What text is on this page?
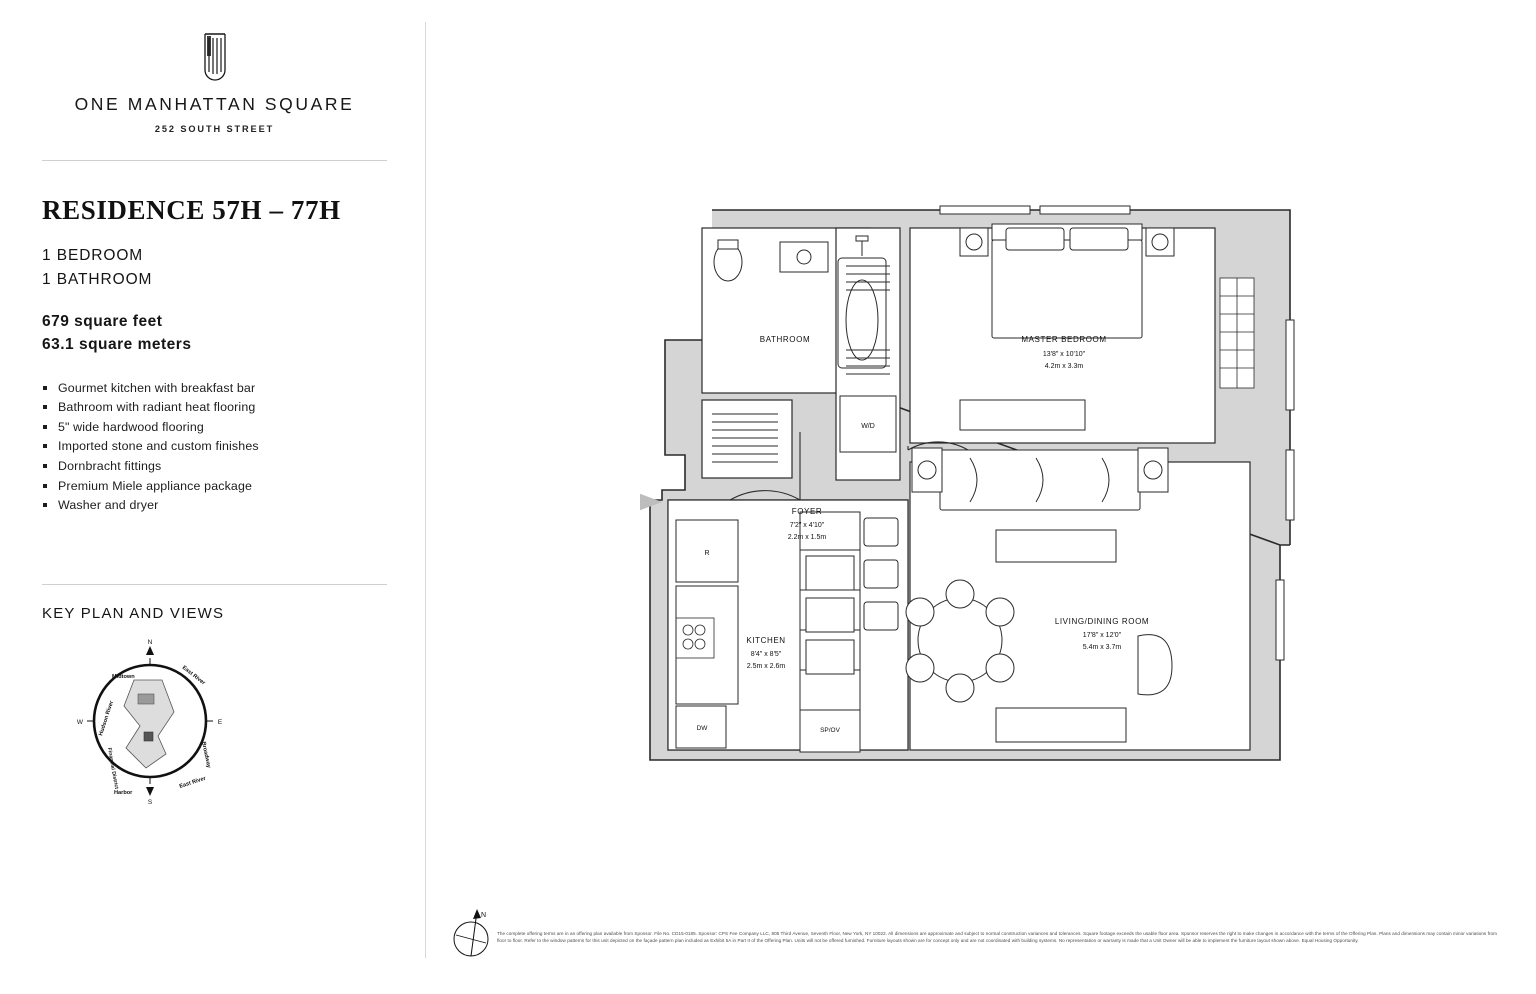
ONE MANHATTAN SQUARE
252 SOUTH STREET
RESIDENCE 57H – 77H
1 BEDROOM
1 BATHROOM
679 square feet
63.1 square meters
Gourmet kitchen with breakfast bar
Bathroom with radiant heat flooring
5" wide hardwood flooring
Imported stone and custom finishes
Dornbracht fittings
Premium Miele appliance package
Washer and dryer
KEY PLAN AND VIEWS
N
S
W	E
Hudson River
East River
Midtown
Broadway
Financial District
Harbor
East River
W/D
R
DW	SP/OV
BATHROOM	MASTER BEDROOM
13'8" x 10'10"
4.2m x 3.3m
FOYER
7'2" x 4'10"
2.2m x 1.5m
KITCHEN
8'4" x 8'5"
2.5m x 2.6m
LIVING/DINING ROOM
17'8" x 12'0"
5.4m x 3.7m
N
The complete offering terms are in an offering plan available from Sponsor. File No. CD15-0185. Sponsor: CPS Fee Company LLC, 805 Third Avenue, Seventh Floor, New York, NY 10022. All dimensions are approximate and subject to normal construction variances and tolerances. Square footage exceeds the usable floor area. Sponsor reserves the right to make changes in accordance with the terms of the Offering Plan. Plans and dimensions may contain minor variations from floor to floor. Refer to the window patterns for this unit depicted on the façade pattern plan included as Exhibit 5A in Part II of the Offering Plan. Units will not be offered furnished. Furniture layouts shown are for concept only and are not coordinated with building systems. No representation or warranty is made that a Unit Owner will be able to implement the furniture layout shown above. Equal Housing Opportunity.
